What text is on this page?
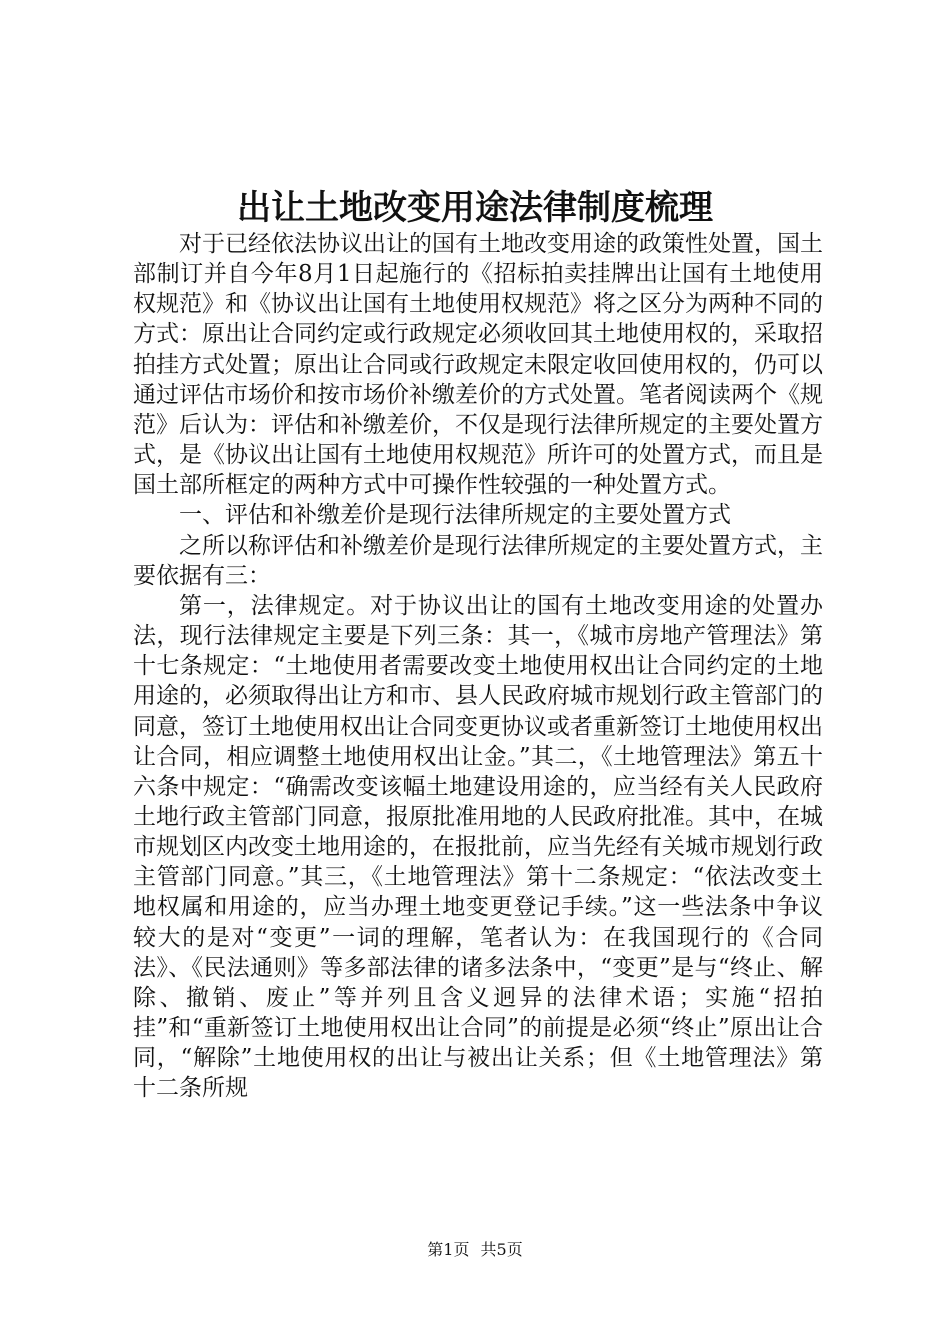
出让土地改变用途法律制度梳理

对于已经依法协议出让的国有土地改变用途的政策性处置，国土部制订并自今年8月1日起施行的《招标拍卖挂牌出让国有土地使用权规范》和《协议出让国有土地使用权规范》将之区分为两种不同的方式：原出让合同约定或行政规定必须收回其土地使用权的，采取招拍挂方式处置；原出让合同或行政规定未限定收回使用权的，仍可以通过评估市场价和按市场价补缴差价的方式处置。笔者阅读两个《规范》后认为：评估和补缴差价，不仅是现行法律所规定的主要处置方式，是《协议出让国有土地使用权规范》所许可的处置方式，而且是国土部所框定的两种方式中可操作性较强的一种处置方式。

一、评估和补缴差价是现行法律所规定的主要处置方式

之所以称评估和补缴差价是现行法律所规定的主要处置方式，主要依据有三：

第一，法律规定。对于协议出让的国有土地改变用途的处置办法，现行法律规定主要是下列三条：其一，《城市房地产管理法》第十七条规定：“土地使用者需要改变土地使用权出让合同约定的土地用途的，必须取得出让方和市、县人民政府城市规划行政主管部门的同意，签订土地使用权出让合同变更协议或者重新签订土地使用权出让合同，相应调整土地使用权出让金。”其二，《土地管理法》第五十六条中规定：“确需改变该幅土地建设用途的，应当经有关人民政府土地行政主管部门同意，报原批准用地的人民政府批准。其中，在城市规划区内改变土地用途的，在报批前，应当先经有关城市规划行政主管部门同意。”其三，《土地管理法》第十二条规定：“依法改变土地权属和用途的，应当办理土地变更登记手续。”这一些法条中争议较大的是对“变更”一词的理解，笔者认为：在我国现行的《合同法》、《民法通则》等多部法律的诸多法条中，“变更”是与“终止、解除、撤销、废止”等并列且含义迥异的法律术语；实施“招拍挂”和“重新签订土地使用权出让合同”的前提是必须“终止”原出让合同，“解除”土地使用权的出让与被出让关系；但《土地管理法》第十二条所规

第1页 共5页
